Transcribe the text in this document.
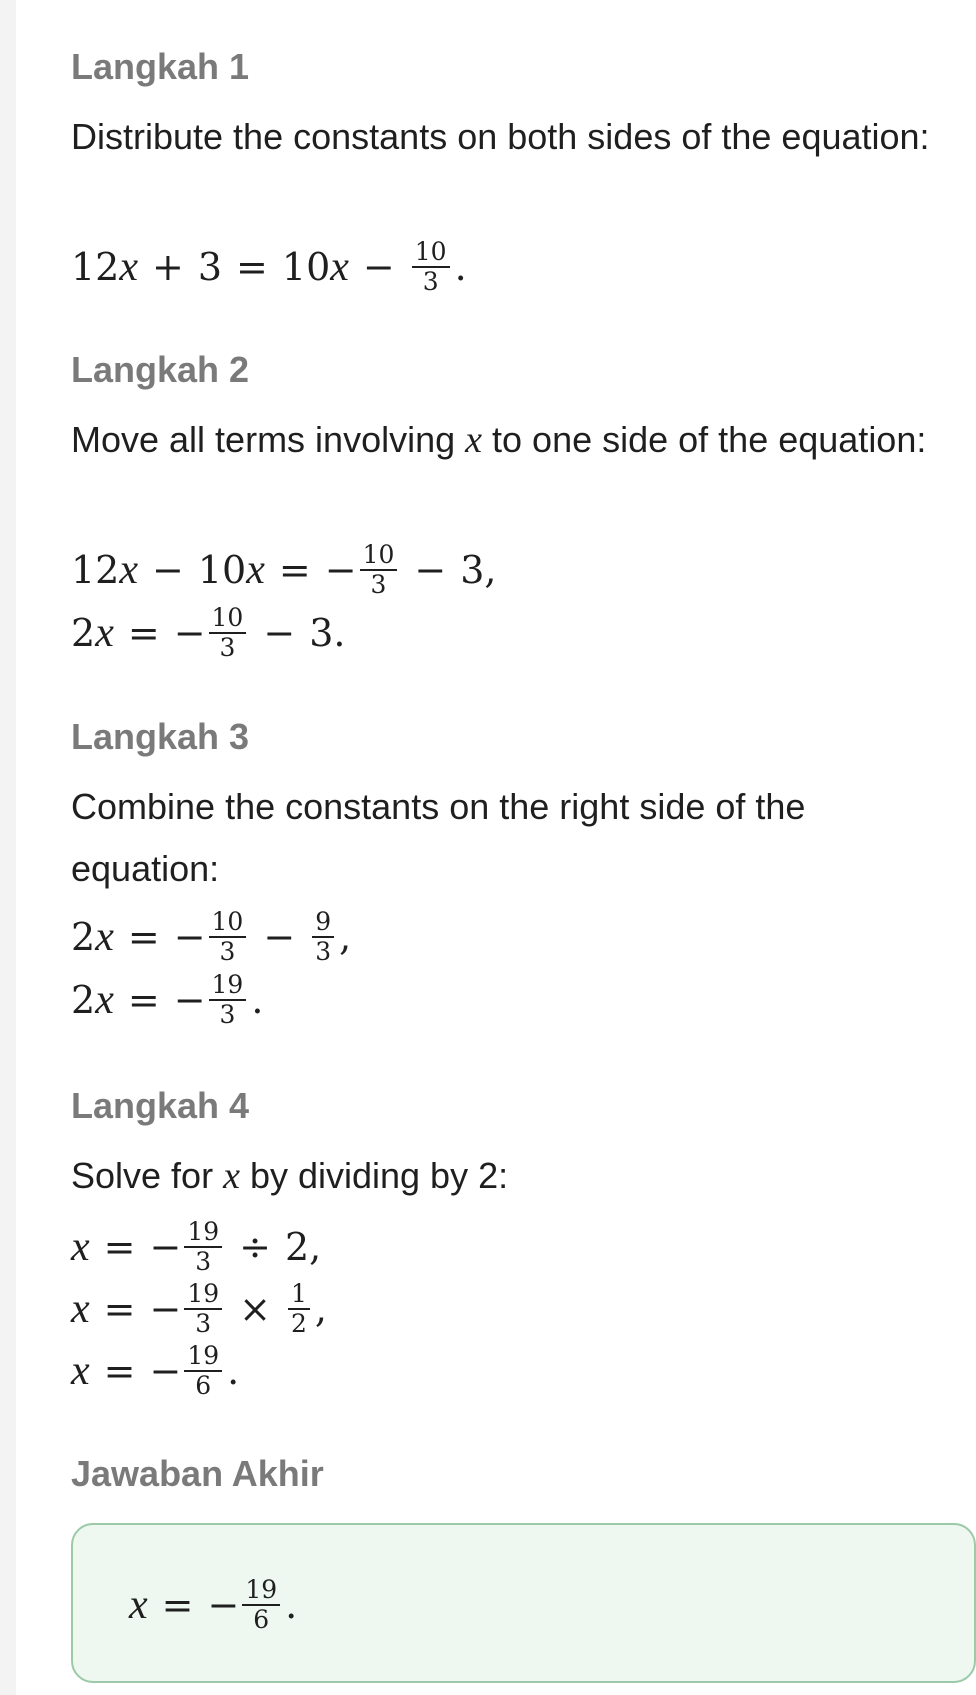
Langkah 1

Distribute the constants on both sides of the equation:

12 x + 3 = 10 $x - \frac{10}{3}$ .
Langkah 2

Move all terms involving x to one side of the equation:

12 x − 10 x = − $\frac{10}{3} - 3$,
2 x = − $\frac{10}{3} - 3$.
Langkah 3

Combine the constants on the right side of the equation:

2 x = − $\frac{10}{3} - \frac{9}{3}$ ,
2 x = − $\frac{19}{3}$ .
Langkah 4

Solve for x by dividing by 2:

x = − $\frac{19}{3} \div 2$,
x = − $\frac{19}{3} \times \frac{1}{2}$ ,
x = − $\frac{19}{6}$ .
Jawaban Akhir
x = − $\frac{19}{6}$ .
